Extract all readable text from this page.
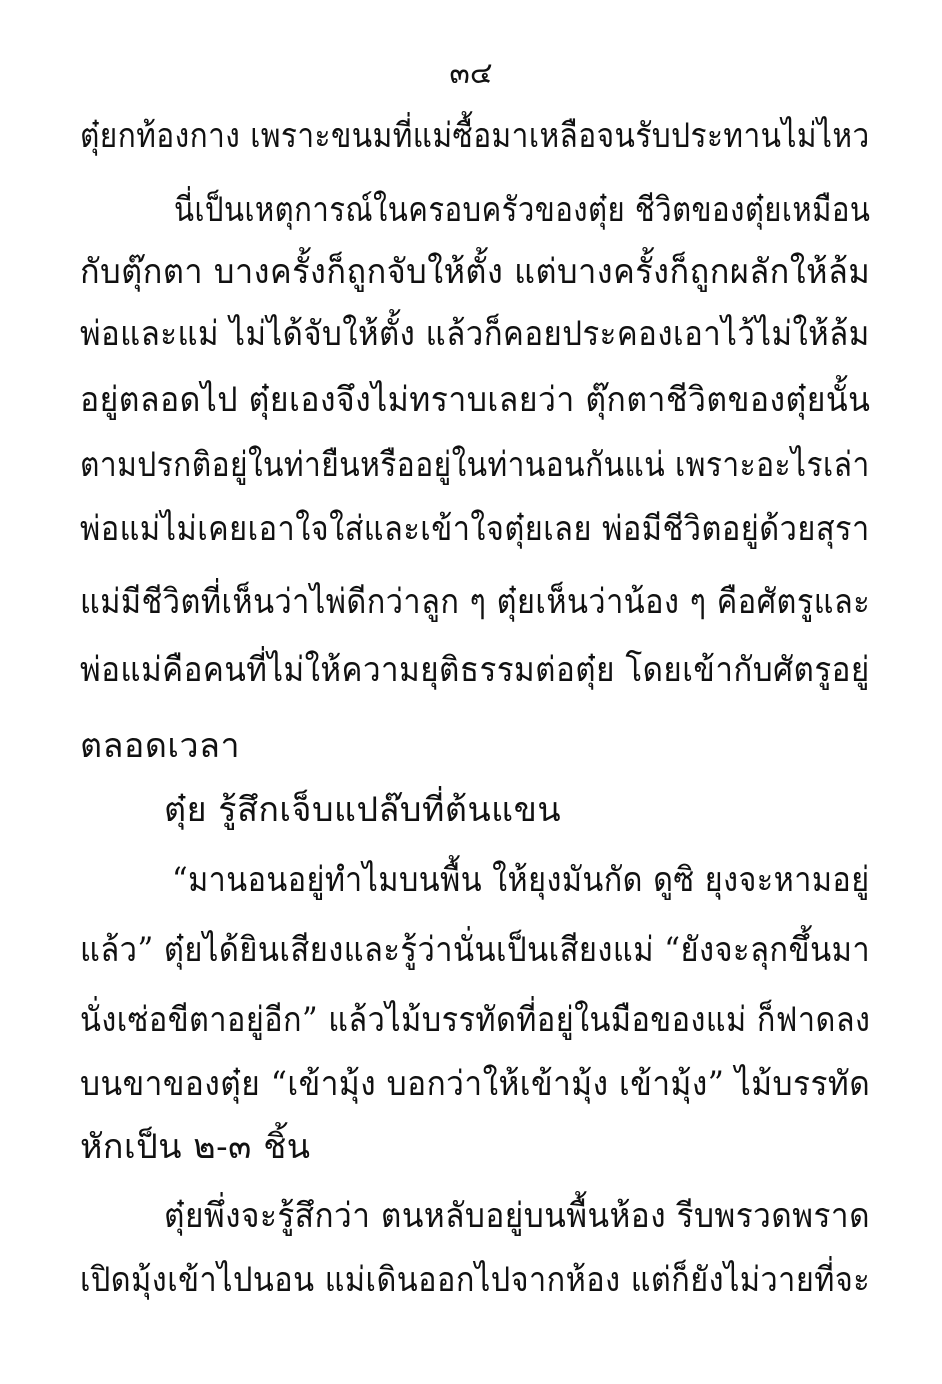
๓๔
ตุ๋ยกท้องกาง เพราะขนมที่แม่ซื้อมาเหลือจนรับประทานไม่ไหว
นี่เป็นเหตุการณ์ในครอบครัวของตุ๋ย ชีวิตของตุ๋ยเหมือน
กับตุ๊กตา บางครั้งก็ถูกจับให้ตั้ง แต่บางครั้งก็ถูกผลักให้ล้ม
พ่อและแม่ ไม่ได้จับให้ตั้ง แล้วก็คอยประคองเอาไว้ไม่ให้ล้ม
อยู่ตลอดไป ตุ๋ยเองจึงไม่ทราบเลยว่า ตุ๊กตาชีวิตของตุ๋ยนั้น
ตามปรกติอยู่ในท่ายืนหรืออยู่ในท่านอนกันแน่ เพราะอะไรเล่า
พ่อแม่ไม่เคยเอาใจใส่และเข้าใจตุ๋ยเลย พ่อมีชีวิตอยู่ด้วยสุรา
แม่มีชีวิตที่เห็นว่าไพ่ดีกว่าลูก ๆ ตุ๋ยเห็นว่าน้อง ๆ คือศัตรูและ
พ่อแม่คือคนที่ไม่ให้ความยุติธรรมต่อตุ๋ย โดยเข้ากับศัตรูอยู่
ตลอดเวลา
ตุ๋ย รู้สึกเจ็บแปล๊บที่ต้นแขน
“มานอนอยู่ทำไมบนพื้น ให้ยุงมันกัด ดูซิ ยุงจะหามอยู่
แล้ว” ตุ๋ยได้ยินเสียงและรู้ว่านั่นเป็นเสียงแม่ “ยังจะลุกขึ้นมา
นั่งเซ่อขีตาอยู่อีก” แล้วไม้บรรทัดที่อยู่ในมือของแม่ ก็ฟาดลง
บนขาของตุ๋ย “เข้ามุ้ง บอกว่าให้เข้ามุ้ง เข้ามุ้ง” ไม้บรรทัด
หักเป็น ๒-๓ ชิ้น
ตุ๋ยพึ่งจะรู้สึกว่า ตนหลับอยู่บนพื้นห้อง รีบพรวดพราด
เปิดมุ้งเข้าไปนอน แม่เดินออกไปจากห้อง แต่ก็ยังไม่วายที่จะ
